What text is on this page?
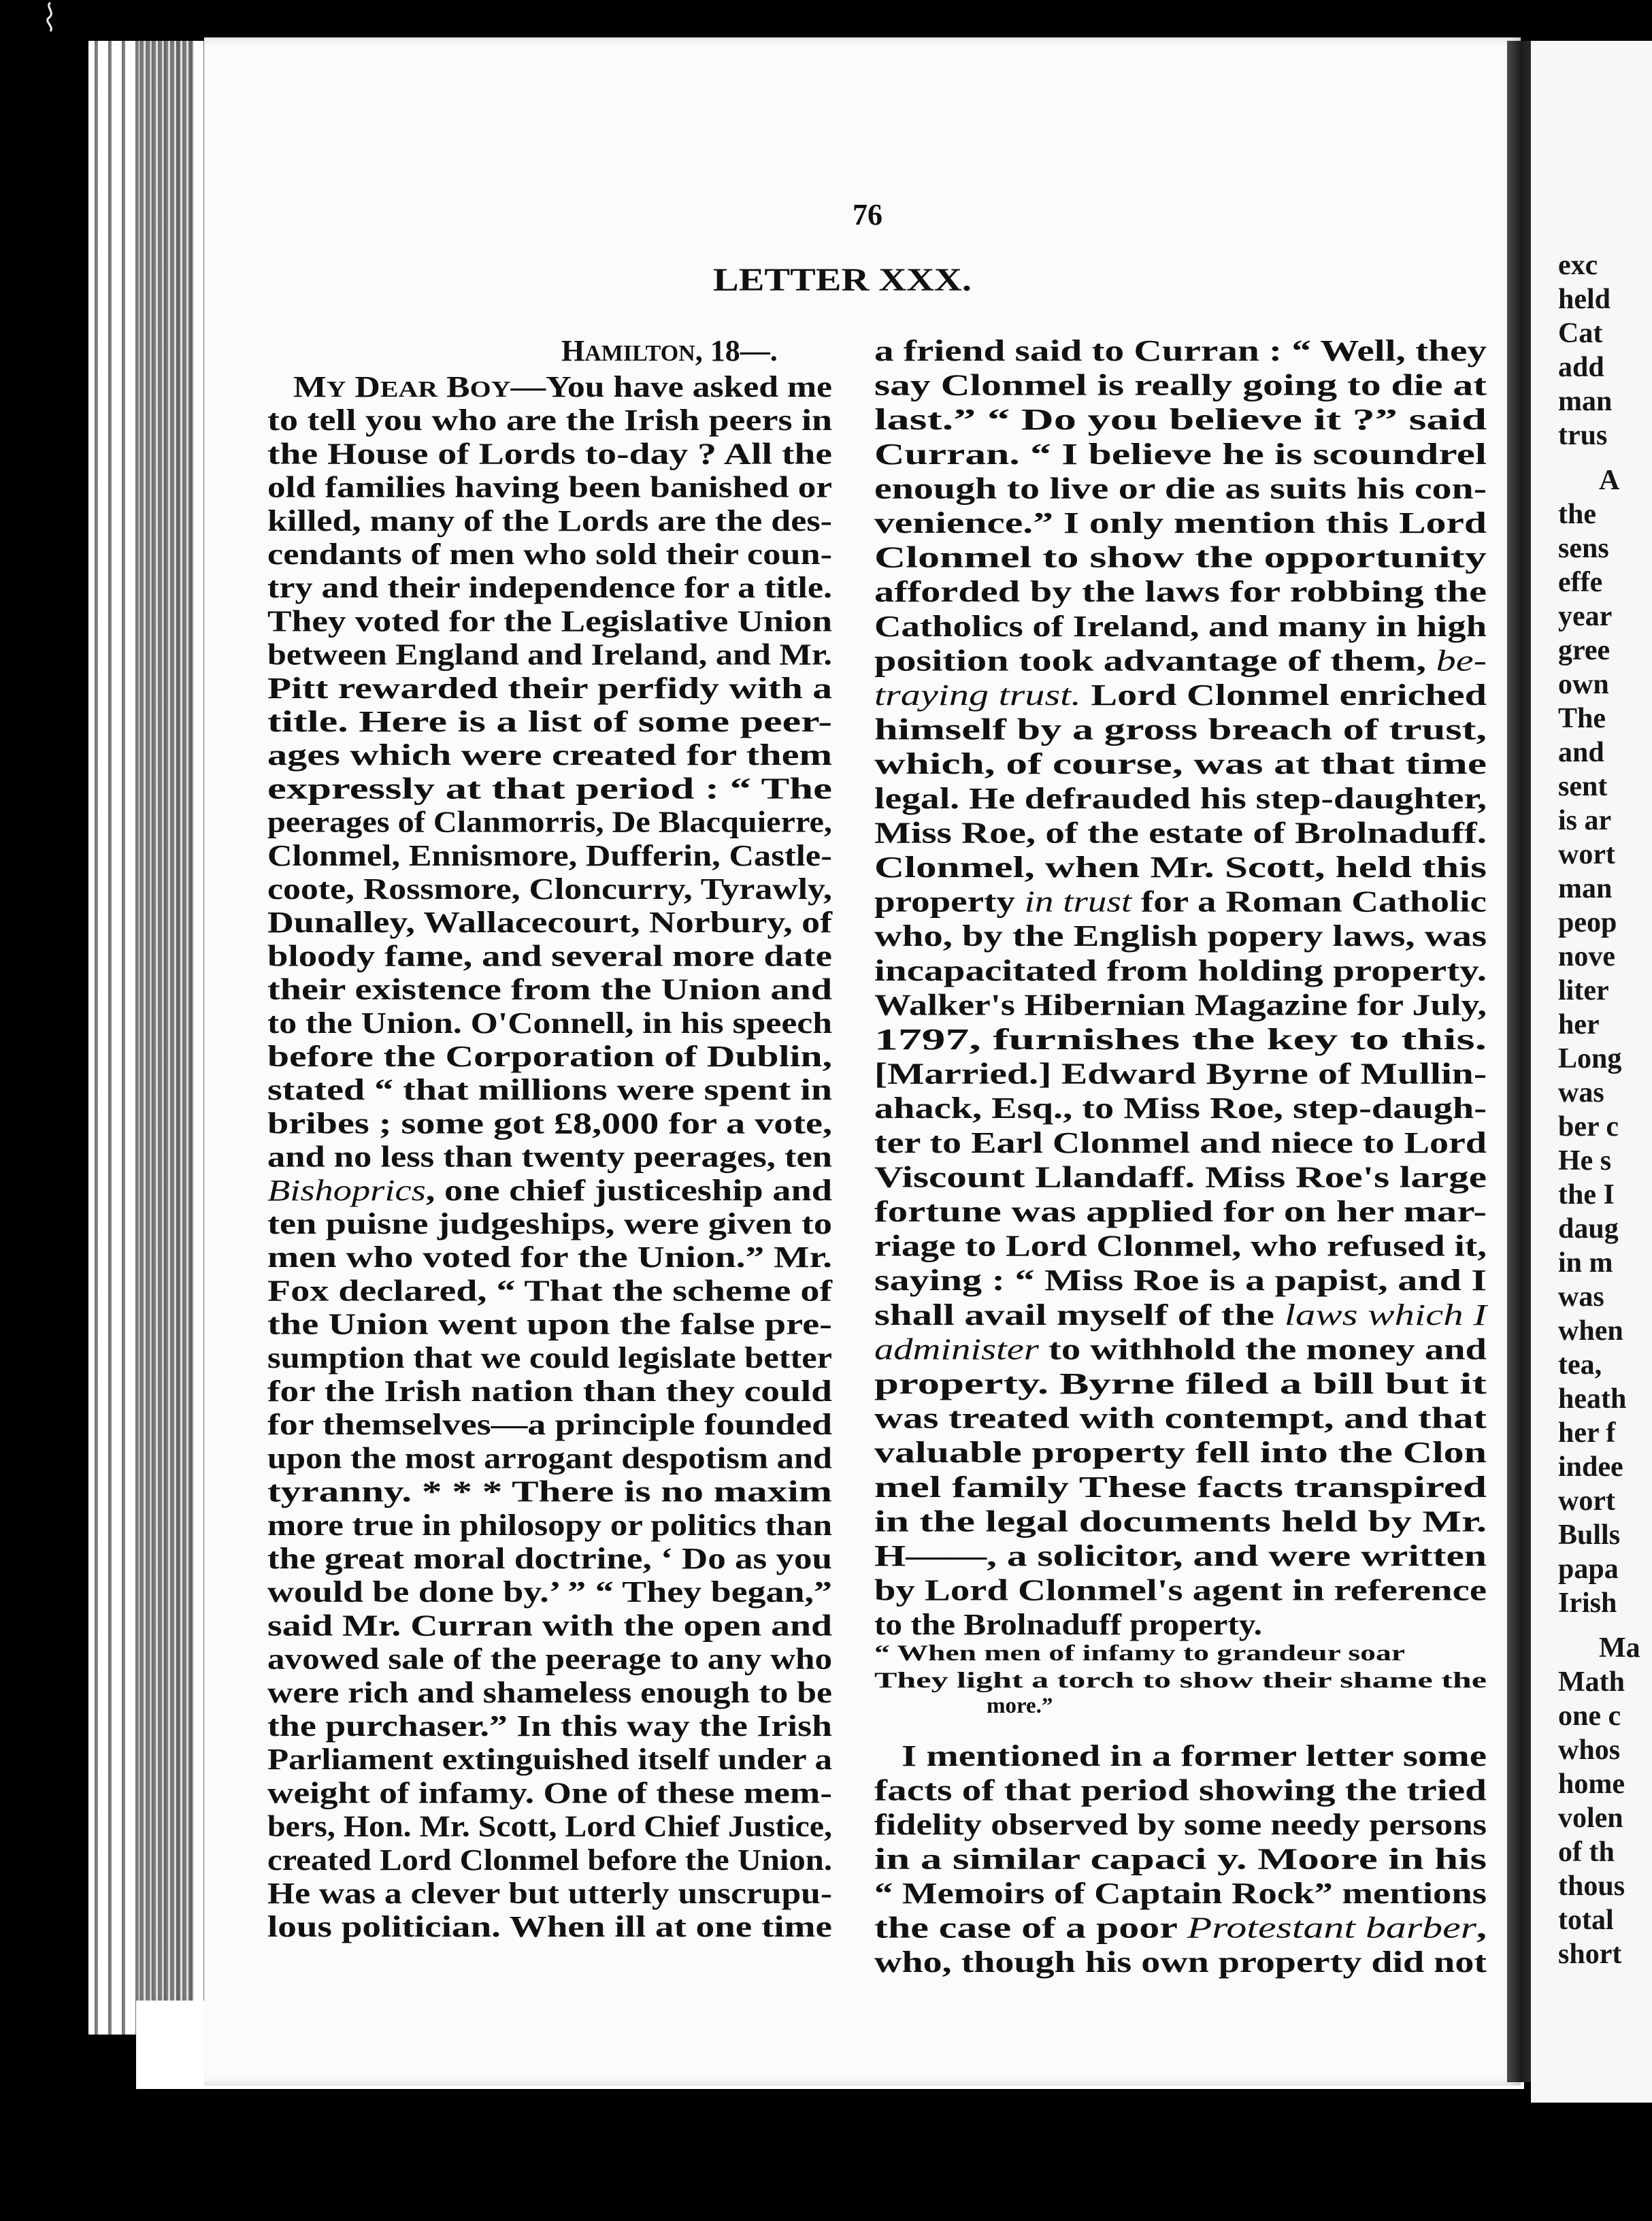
76
LETTER XXX.
HAMILTON, 18—.
M Y D EAR B OY —You have asked me
to tell you who are the Irish peers in
the House of Lords to-day ? All the
old families having been banished or
killed, many of the Lords are the des-
cendants of men who sold their coun-
try and their independence for a title.
They voted for the Legislative Union
between England and Ireland, and Mr.
Pitt rewarded their perfidy with a
title. Here is a list of some peer-
ages which were created for them
expressly at that period : “ The
peerages of Clanmorris, De Blacquierre,
Clonmel, Ennismore, Dufferin, Castle-
coote, Rossmore, Cloncurry, Tyrawly,
Dunalley, Wallacecourt, Norbury, of
bloody fame, and several more date
their existence from the Union and
to the Union. O'Connell, in his speech
before the Corporation of Dublin,
stated “ that millions were spent in
bribes ; some got £8,000 for a vote,
and no less than twenty peerages, ten
Bishoprics , one chief justiceship and
ten puisne judgeships, were given to
men who voted for the Union.” Mr.
Fox declared, “ That the scheme of
the Union went upon the false pre-
sumption that we could legislate better
for the Irish nation than they could
for themselves—a principle founded
upon the most arrogant despotism and
tyranny. * * * There is no maxim
more true in philosopy or politics than
the great moral doctrine, ‘ Do as you
would be done by.’ ” “ They began,”
said Mr. Curran with the open and
avowed sale of the peerage to any who
were rich and shameless enough to be
the purchaser.” In this way the Irish
Parliament extinguished itself under a
weight of infamy. One of these mem-
bers, Hon. Mr. Scott, Lord Chief Justice,
created Lord Clonmel before the Union.
He was a clever but utterly unscrupu-
lous politician. When ill at one time
a friend said to Curran : “ Well, they
say Clonmel is really going to die at
last.” “ Do you believe it ?” said
Curran. “ I believe he is scoundrel
enough to live or die as suits his con-
venience.” I only mention this Lord
Clonmel to show the opportunity
afforded by the laws for robbing the
Catholics of Ireland, and many in high
position took advantage of them,	be-
traying trust. Lord Clonmel enriched
himself by a gross breach of trust,
which, of course, was at that time
legal. He defrauded his step-daughter,
Miss Roe, of the estate of Brolnaduff.
Clonmel, when Mr. Scott, held this
property in trust for a Roman Catholic
who, by the English popery laws, was
incapacitated from holding property.
Walker's Hibernian Magazine for July,
1797, furnishes the key to this.
[Married.] Edward Byrne of Mullin-
ahack, Esq., to Miss Roe, step-daugh-
ter to Earl Clonmel and niece to Lord
Viscount Llandaff. Miss Roe's large
fortune was applied for on her mar-
riage to Lord Clonmel, who refused it,
saying : “ Miss Roe is a papist, and I
shall avail myself of the	laws which I
administer to withhold the money and
property. Byrne filed a bill but it
was treated with contempt, and that
valuable property fell into the Clon
mel family These facts transpired
in the legal documents held by Mr.
H——, a solicitor, and were written
by Lord Clonmel's agent in reference
to the Brolnaduff property.
“ When men of infamy to grandeur soar
They light a torch to show their shame the
more.”
I mentioned in a former letter some
facts of that period showing the tried
fidelity observed by some needy persons
in a similar capaci y. Moore in his
“ Memoirs of Captain Rock” mentions
the case of a poor	Protestant barber	,
who, though his own property did not
exc
held
Cat
add
man
trus
A
the
sens
effe
year
gree
own
The
and
sent
is ar
wort
man
peop
nove
liter
her
Long
was
ber c
He s
the I
daug
in m
was
when
tea,
heath
her f
indee
wort
Bulls
papa
Irish
Ma
Math
one c
whos
home
volen
of th
thous
total
short
